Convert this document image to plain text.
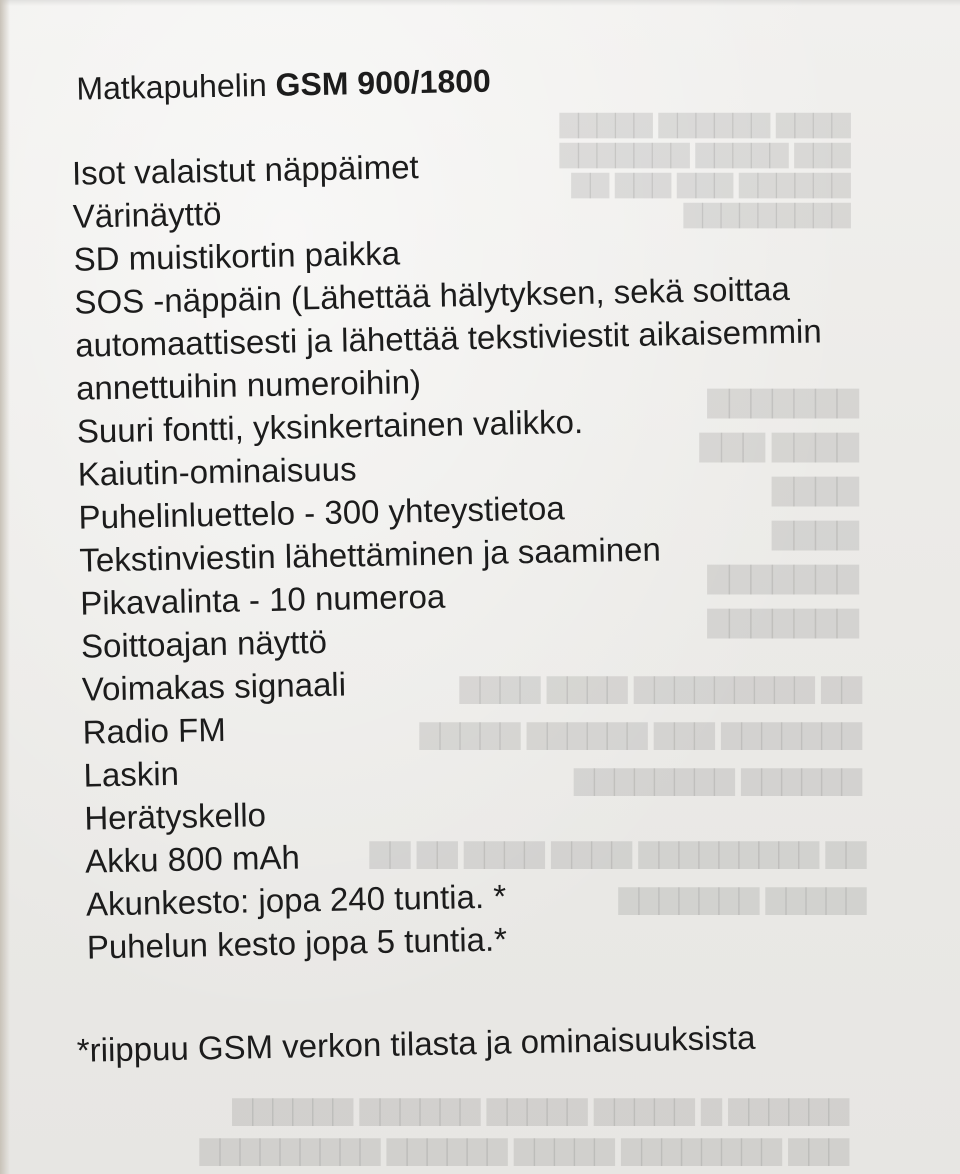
▇▇▇▇ ▇▇▇▇▇▇ ▇▇▇▇▇
▇▇▇ ▇▇▇▇▇ ▇▇▇▇▇▇▇
▇▇▇▇▇▇ ▇▇▇ ▇▇▇ ▇▇
▇▇▇▇▇▇▇▇▇
▇▇▇▇▇▇▇
▇▇▇▇ ▇▇▇
▇▇▇▇
▇▇▇▇
▇▇▇▇▇▇▇
▇▇▇▇▇▇▇
▇▇ ▇▇▇▇▇▇▇▇▇ ▇▇▇▇ ▇▇▇▇
▇▇▇▇▇▇▇ ▇▇▇ ▇▇▇▇▇▇ ▇▇▇▇▇
▇▇▇▇▇▇ ▇▇▇▇▇▇▇▇
▇▇ ▇▇▇▇▇▇▇▇▇ ▇▇▇▇ ▇▇▇▇ ▇▇ ▇▇
▇▇▇▇▇ ▇▇▇▇▇▇▇
▇▇▇▇▇▇ ▇ ▇▇▇▇▇ ▇▇▇▇▇ ▇▇▇▇▇▇ ▇▇▇▇▇▇
▇▇▇ ▇▇▇▇▇▇▇▇ ▇▇▇▇▇ ▇▇▇▇▇▇ ▇▇▇▇▇▇▇▇▇
Matkapuhelin GSM 900/1800
Isot valaistut näppäimet
Värinäyttö
SD muistikortin paikka
SOS -näppäin (Lähettää hälytyksen, sekä soittaa automaattisesti ja lähettää tekstiviestit aikaisemmin annettuihin numeroihin)
Suuri fontti, yksinkertainen valikko.
Kaiutin-ominaisuus
Puhelinluettelo - 300 yhteystietoa
Tekstinviestin lähettäminen ja saaminen
Pikavalinta - 10 numeroa
Soittoajan näyttö
Voimakas signaali
Radio FM
Laskin
Herätyskello
Akku 800 mAh
Akunkesto: jopa 240 tuntia. *
Puhelun kesto jopa 5 tuntia.*
*riippuu GSM verkon tilasta ja ominaisuuksista
